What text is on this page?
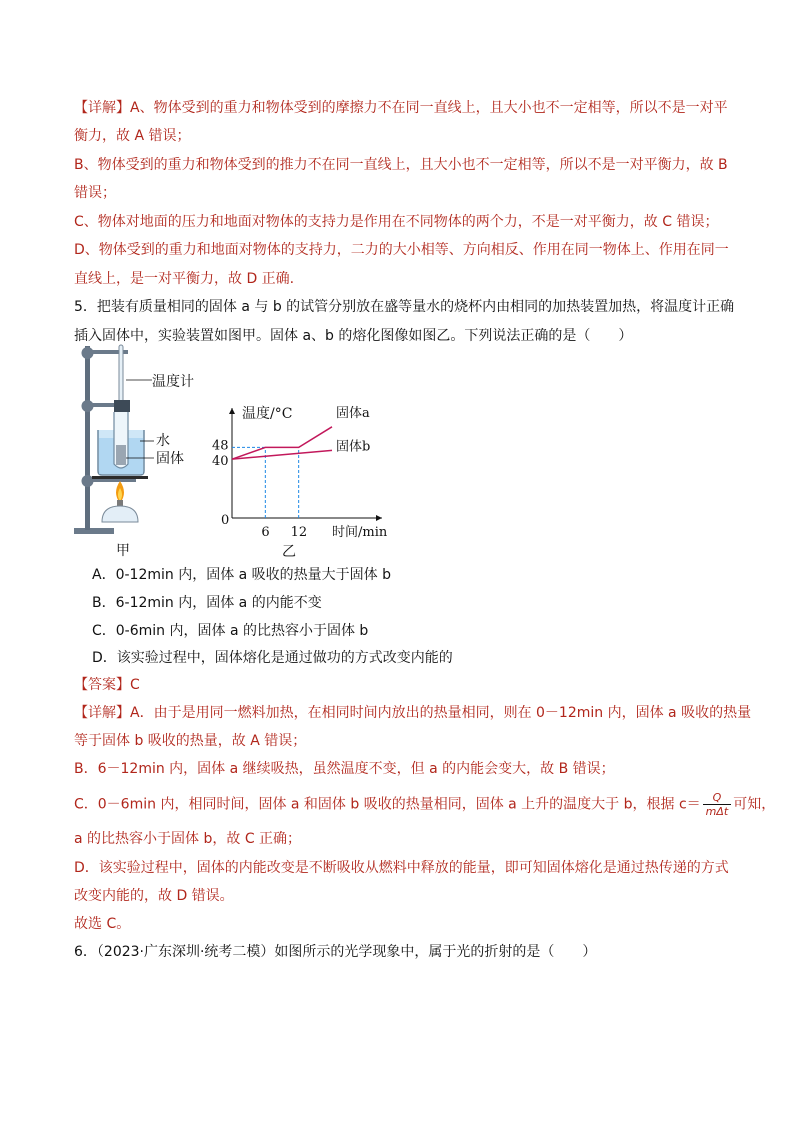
【详解】A、物体受到的重力和物体受到的摩擦力不在同一直线上，且大小也不一定相等，所以不是一对平
衡力，故 A 错误；
B、物体受到的重力和物体受到的推力不在同一直线上，且大小也不一定相等，所以不是一对平衡力，故 B
错误；
C、物体对地面的压力和地面对物体的支持力是作用在不同物体的两个力，不是一对平衡力，故 C 错误；
D、物体受到的重力和地面对物体的支持力，二力的大小相等、方向相反、作用在同一物体上、作用在同一
直线上，是一对平衡力，故 D 正确.
5．把装有质量相同的固体 a 与 b 的试管分别放在盛等量水的烧杯内由相同的加热装置加热，将温度计正确
插入固体中，实验装置如图甲。固体 a、b 的熔化图像如图乙。下列说法正确的是（　　）
温度计
水
固体
甲
温度/°C
时间/min
0
6 12
40
48
固体a
固体b
乙
A．0-12min 内，固体 a 吸收的热量大于固体 b
B．6-12min 内，固体 a 的内能不变
C．0-6min 内，固体 a 的比热容小于固体 b
D．该实验过程中，固体熔化是通过做功的方式改变内能的
【答案】C
【详解】A．由于是用同一燃料加热，在相同时间内放出的热量相同，则在 0－12min 内，固体 a 吸收的热量
等于固体 b 吸收的热量，故 A 错误；
B．6－12min 内，固体 a 继续吸热，虽然温度不变，但 a 的内能会变大，故 B 错误；
C．0－6min 内，相同时间，固体 a 和固体 b 吸收的热量相同，固体 a 上升的温度大于 b，根据 $c= \frac{Q}{\text{mΔt}}$ 可知，
a 的比热容小于固体 b，故 C 正确；
D．该实验过程中，固体的内能改变是不断吸收从燃料中释放的能量，即可知固体熔化是通过热传递的方式
改变内能的，故 D 错误。
故选 C。
6．（2023·广东深圳·统考二模）如图所示的光学现象中，属于光的折射的是（　　）
